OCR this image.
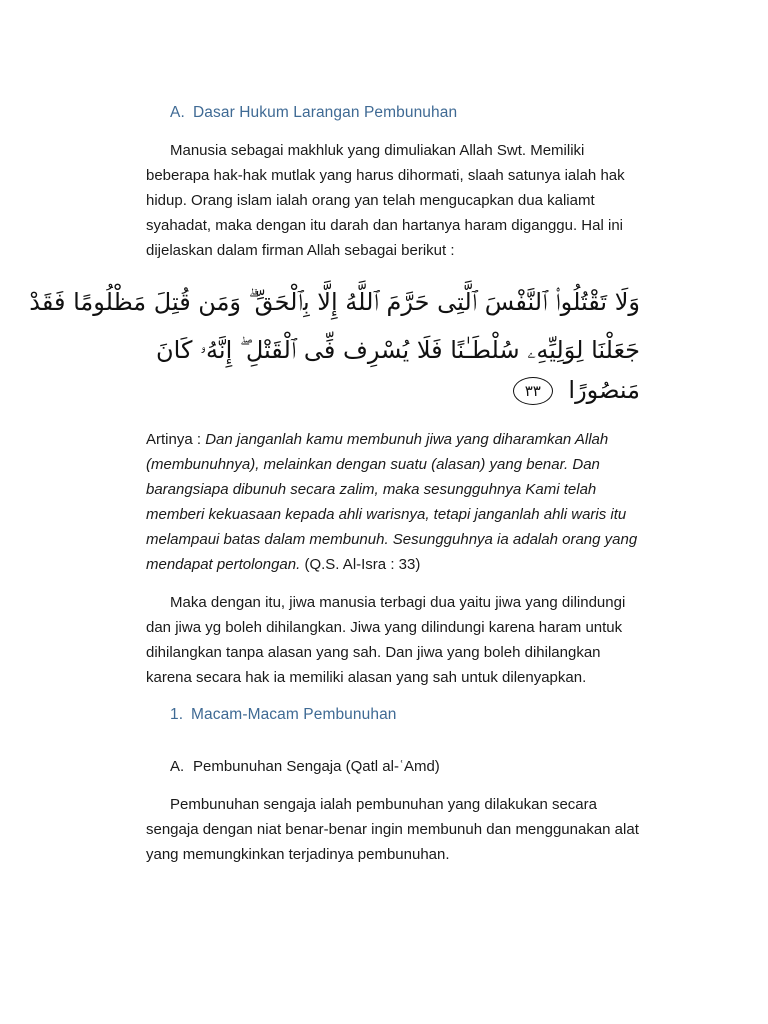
A. Dasar Hukum Larangan Pembunuhan
Manusia sebagai makhluk yang dimuliakan Allah Swt. Memiliki
beberapa hak-hak mutlak yang harus dihormati, slaah satunya ialah hak
hidup. Orang islam ialah orang yan telah mengucapkan dua kaliamt
syahadat, maka dengan itu darah dan hartanya haram diganggu. Hal ini
dijelaskan dalam firman Allah sebagai berikut :
وَلَا تَقْتُلُوا۟ ٱلنَّفْسَ ٱلَّتِى حَرَّمَ ٱللَّهُ إِلَّا بِٱلْحَقِّ ۗ وَمَن قُتِلَ مَظْلُومًا فَقَدْ
جَعَلْنَا لِوَلِيِّهِۦ سُلْطَـٰنًا فَلَا يُسْرِف فِّى ٱلْقَتْلِ ۖ إِنَّهُۥ كَانَ
مَنصُورًا ٣٣
Artinya : Dan janganlah kamu membunuh jiwa yang diharamkan Allah
(membunuhnya), melainkan dengan suatu (alasan) yang benar. Dan
barangsiapa dibunuh secara zalim, maka sesungguhnya Kami telah
memberi kekuasaan kepada ahli warisnya, tetapi janganlah ahli waris itu
melampaui batas dalam membunuh. Sesungguhnya ia adalah orang yang
mendapat pertolongan. (Q.S. Al-Isra : 33)
Maka dengan itu, jiwa manusia terbagi dua yaitu jiwa yang dilindungi
dan jiwa yg boleh dihilangkan. Jiwa yang dilindungi karena haram untuk
dihilangkan tanpa alasan yang sah. Dan jiwa yang boleh dihilangkan
karena secara hak ia memiliki alasan yang sah untuk dilenyapkan.
1. Macam-Macam Pembunuhan
A. Pembunuhan Sengaja (Qatl al-ʿAmd)
Pembunuhan sengaja ialah pembunuhan yang dilakukan secara
sengaja dengan niat benar-benar ingin membunuh dan menggunakan alat
yang memungkinkan terjadinya pembunuhan.
